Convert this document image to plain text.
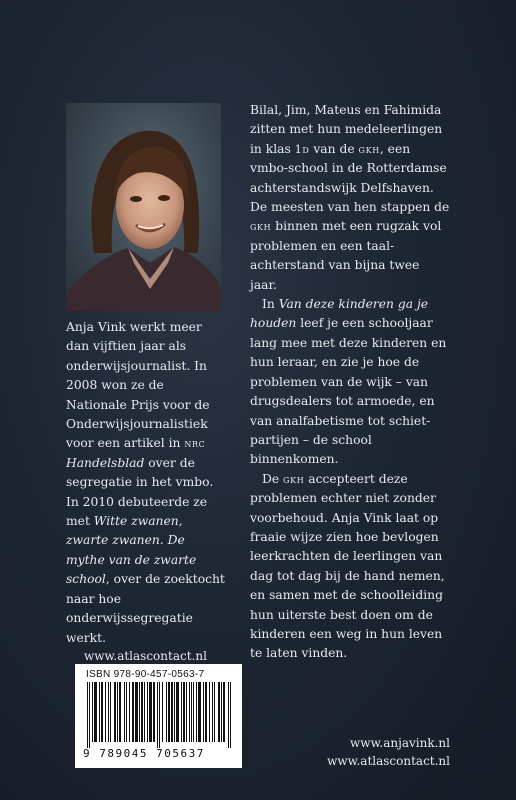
Anja Vink werkt meer dan vijftien jaar als onderwijsjournalist. In 2008 won ze de Nationale Prijs voor de Onderwijsjournalistiek voor een artikel in nrc Handelsblad over de segregatie in het vmbo. In 2010 debuteerde ze met Witte zwanen, zwarte zwanen. De mythe van de zwarte school, over de zoektocht naar hoe onderwijssegregatie werkt.

Bilal, Jim, Mateus en Fahimida zitten met hun medeleerlingen in klas 1d van de gkh, een vmbo-school in de Rotterdamse achterstandswijk Delfshaven. De meesten van hen stappen de gkh binnen met een rugzak vol problemen en een taalachterstand van bijna twee jaar.

In Van deze kinderen ga je houden leef je een schooljaar lang mee met deze kinderen en hun leraar, en zie je hoe de problemen van de wijk – van drugsdealers tot armoede, en van analfabetisme tot schietpartijen – de school binnenkomen.

De gkh accepteert deze problemen echter niet zonder voorbehoud. Anja Vink laat op fraaie wijze zien hoe bevlogen leerkrachten de leerlingen van dag tot dag bij de hand nemen, en samen met de schoolleiding hun uiterste best doen om de kinderen een weg in hun leven te laten vinden.

www.atlascontact.nl
ISBN 978-90-457-0563-7
9 789045 705637
www.anjavink.nl
www.atlascontact.nl
